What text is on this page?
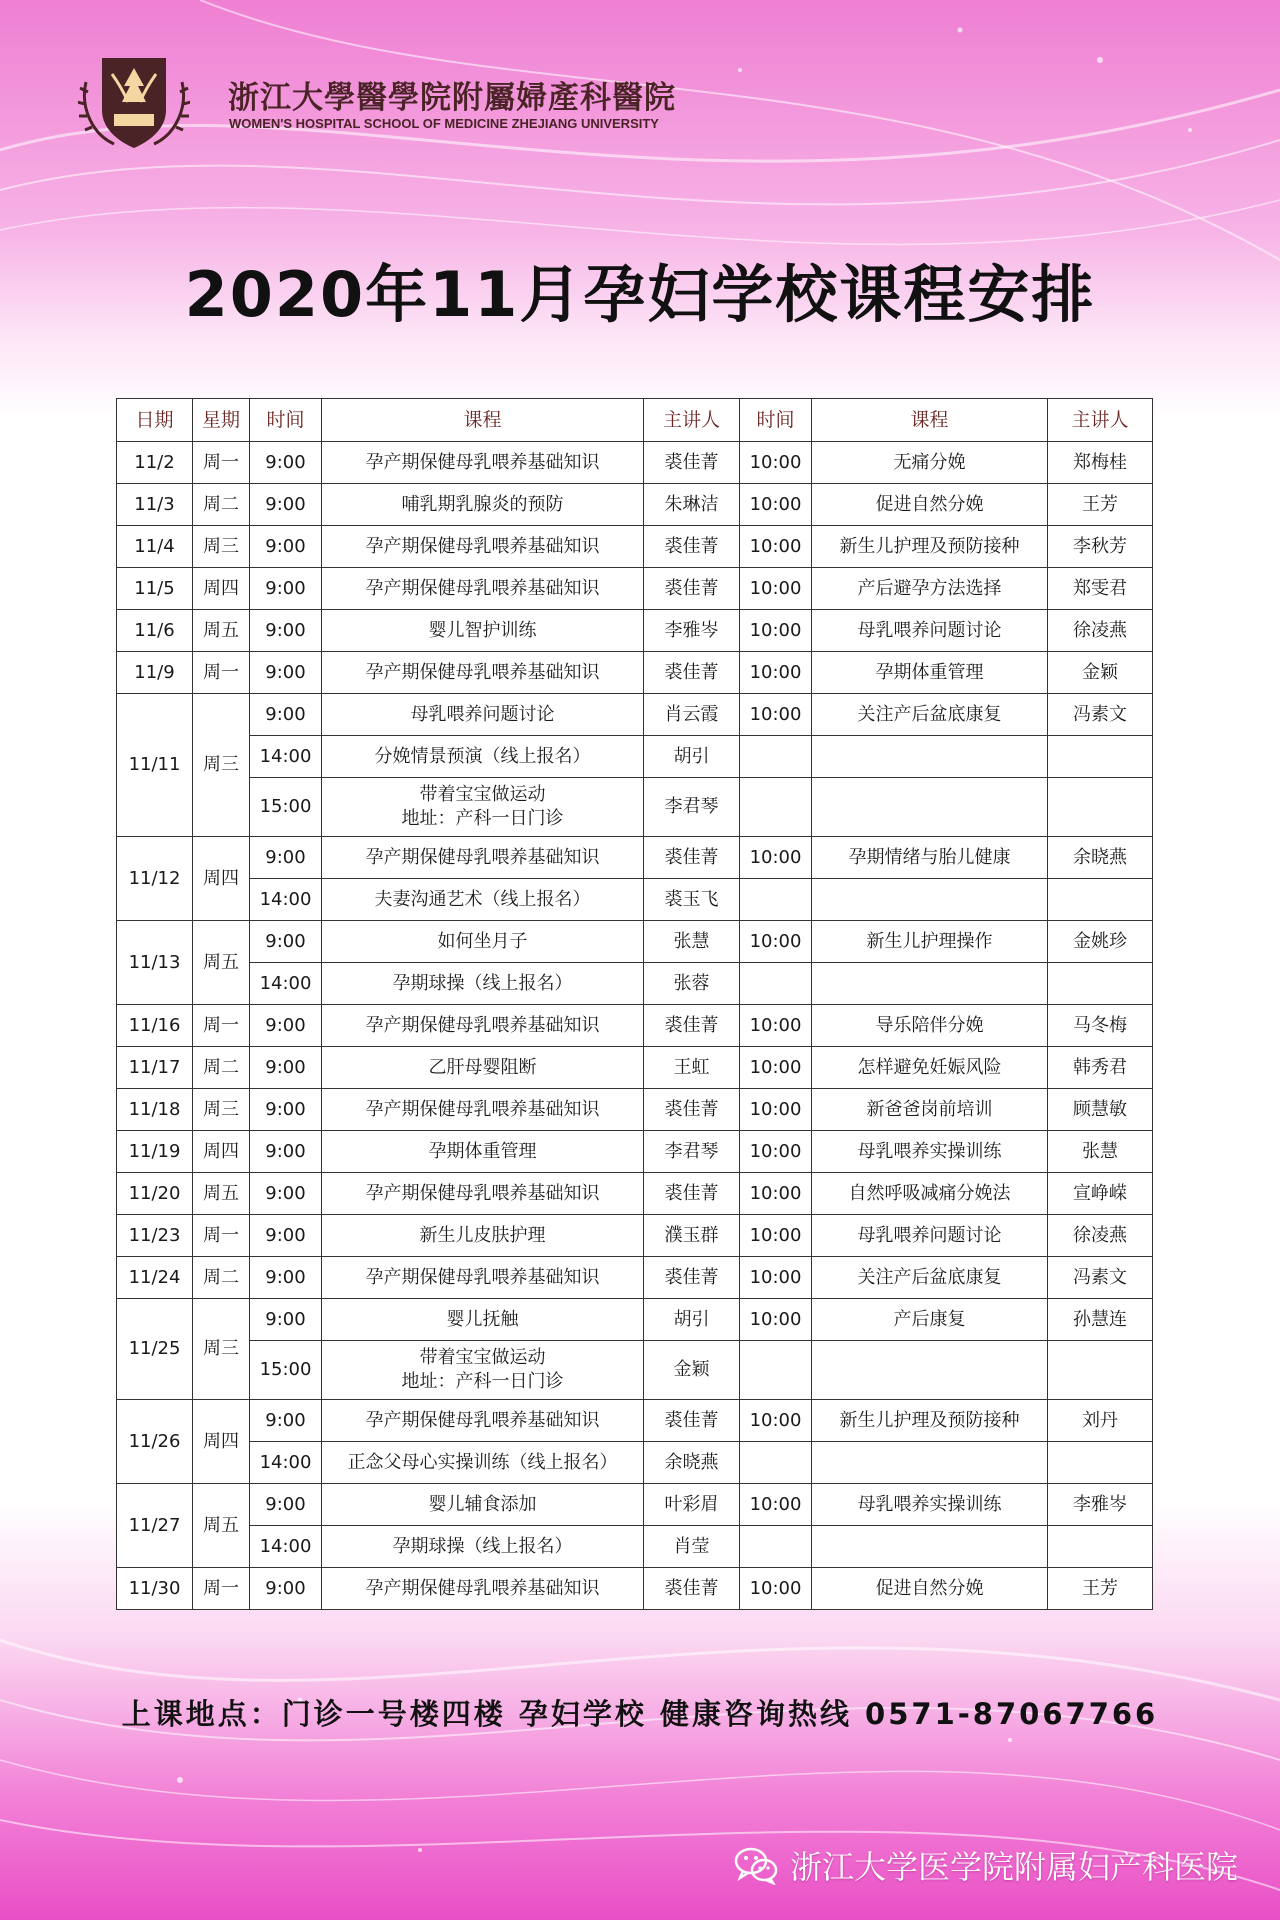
浙江大學醫學院附屬婦產科醫院
WOMEN'S HOSPITAL SCHOOL OF MEDICINE ZHEJIANG UNIVERSITY
2020年11月孕妇学校课程安排
日期	星期	时间	课程	主讲人	时间	课程	主讲人
11/2	周一	9:00	孕产期保健母乳喂养基础知识	裘佳菁	10:00	无痛分娩	郑梅桂
11/3	周二	9:00	哺乳期乳腺炎的预防	朱琳洁	10:00	促进自然分娩	王芳
11/4	周三	9:00	孕产期保健母乳喂养基础知识	裘佳菁	10:00	新生儿护理及预防接种	李秋芳
11/5	周四	9:00	孕产期保健母乳喂养基础知识	裘佳菁	10:00	产后避孕方法选择	郑雯君
11/6	周五	9:00	婴儿智护训练	李雅岑	10:00	母乳喂养问题讨论	徐凌燕
11/9	周一	9:00	孕产期保健母乳喂养基础知识	裘佳菁	10:00	孕期体重管理	金颖
11/11	周三	9:00	母乳喂养问题讨论	肖云霞	10:00	关注产后盆底康复	冯素文
		14:00	分娩情景预演（线上报名）	胡引			
		15:00	带着宝宝做运动
地址：产科一日门诊	李君琴			
11/12	周四	9:00	孕产期保健母乳喂养基础知识	裘佳菁	10:00	孕期情绪与胎儿健康	余晓燕
		14:00	夫妻沟通艺术（线上报名）	裘玉飞			
11/13	周五	9:00	如何坐月子	张慧	10:00	新生儿护理操作	金姚珍
		14:00	孕期球操（线上报名）	张蓉			
11/16	周一	9:00	孕产期保健母乳喂养基础知识	裘佳菁	10:00	导乐陪伴分娩	马冬梅
11/17	周二	9:00	乙肝母婴阻断	王虹	10:00	怎样避免妊娠风险	韩秀君
11/18	周三	9:00	孕产期保健母乳喂养基础知识	裘佳菁	10:00	新爸爸岗前培训	顾慧敏
11/19	周四	9:00	孕期体重管理	李君琴	10:00	母乳喂养实操训练	张慧
11/20	周五	9:00	孕产期保健母乳喂养基础知识	裘佳菁	10:00	自然呼吸减痛分娩法	宣峥嵘
11/23	周一	9:00	新生儿皮肤护理	濮玉群	10:00	母乳喂养问题讨论	徐凌燕
11/24	周二	9:00	孕产期保健母乳喂养基础知识	裘佳菁	10:00	关注产后盆底康复	冯素文
11/25	周三	9:00	婴儿抚触	胡引	10:00	产后康复	孙慧连
		15:00	带着宝宝做运动
地址：产科一日门诊	金颖			
11/26	周四	9:00	孕产期保健母乳喂养基础知识	裘佳菁	10:00	新生儿护理及预防接种	刘丹
		14:00	正念父母心实操训练（线上报名）	余晓燕			
11/27	周五	9:00	婴儿辅食添加	叶彩眉	10:00	母乳喂养实操训练	李雅岑
		14:00	孕期球操（线上报名）	肖莹			
11/30	周一	9:00	孕产期保健母乳喂养基础知识	裘佳菁	10:00	促进自然分娩	王芳
上课地点：门诊一号楼四楼 孕妇学校 健康咨询热线 0571-87067766
浙江大学医学院附属妇产科医院
